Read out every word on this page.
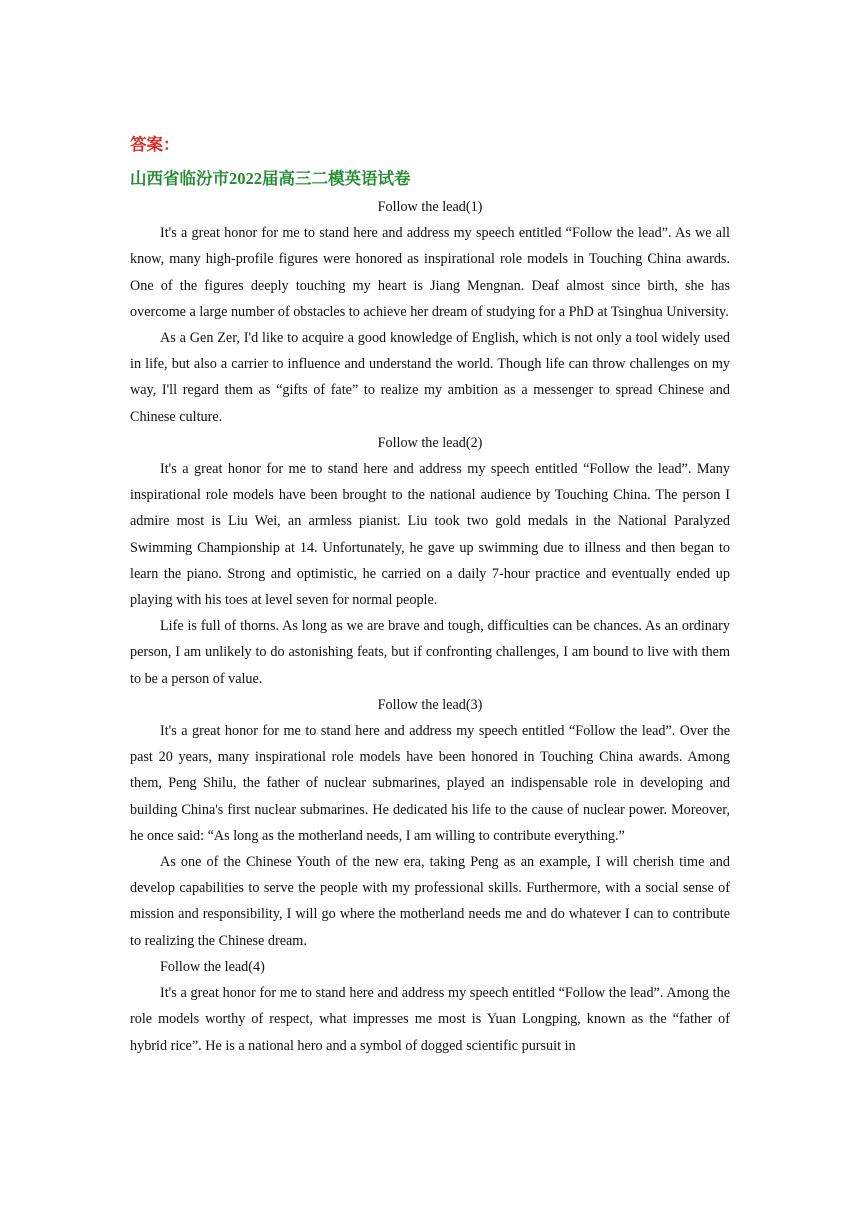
答案：

山西省临汾市2022届高三二模英语试卷

Follow the lead(1)

It's a great honor for me to stand here and address my speech entitled “Follow the lead”. As we all know, many high-profile figures were honored as inspirational role models in Touching China awards. One of the figures deeply touching my heart is Jiang Mengnan. Deaf almost since birth, she has overcome a large number of obstacles to achieve her dream of studying for a PhD at Tsinghua University.

As a Gen Zer, I'd like to acquire a good knowledge of English, which is not only a tool widely used in life, but also a carrier to influence and understand the world. Though life can throw challenges on my way, I'll regard them as “gifts of fate” to realize my ambition as a messenger to spread Chinese and Chinese culture.

Follow the lead(2)

It's a great honor for me to stand here and address my speech entitled “Follow the lead”. Many inspirational role models have been brought to the national audience by Touching China. The person I admire most is Liu Wei, an armless pianist. Liu took two gold medals in the National Paralyzed Swimming Championship at 14. Unfortunately, he gave up swimming due to illness and then began to learn the piano. Strong and optimistic, he carried on a daily 7-hour practice and eventually ended up playing with his toes at level seven for normal people.

Life is full of thorns. As long as we are brave and tough, difficulties can be chances. As an ordinary person, I am unlikely to do astonishing feats, but if confronting challenges, I am bound to live with them to be a person of value.

Follow the lead(3)

It's a great honor for me to stand here and address my speech entitled “Follow the lead”. Over the past 20 years, many inspirational role models have been honored in Touching China awards. Among them, Peng Shilu, the father of nuclear submarines, played an indispensable role in developing and building China's first nuclear submarines. He dedicated his life to the cause of nuclear power. Moreover, he once said: “As long as the motherland needs, I am willing to contribute everything.”

As one of the Chinese Youth of the new era, taking Peng as an example, I will cherish time and develop capabilities to serve the people with my professional skills. Furthermore, with a social sense of mission and responsibility, I will go where the motherland needs me and do whatever I can to contribute to realizing the Chinese dream.

Follow the lead(4)

It's a great honor for me to stand here and address my speech entitled “Follow the lead”. Among the role models worthy of respect, what impresses me most is Yuan Longping, known as the “father of hybrid rice”. He is a national hero and a symbol of dogged scientific pursuit in
